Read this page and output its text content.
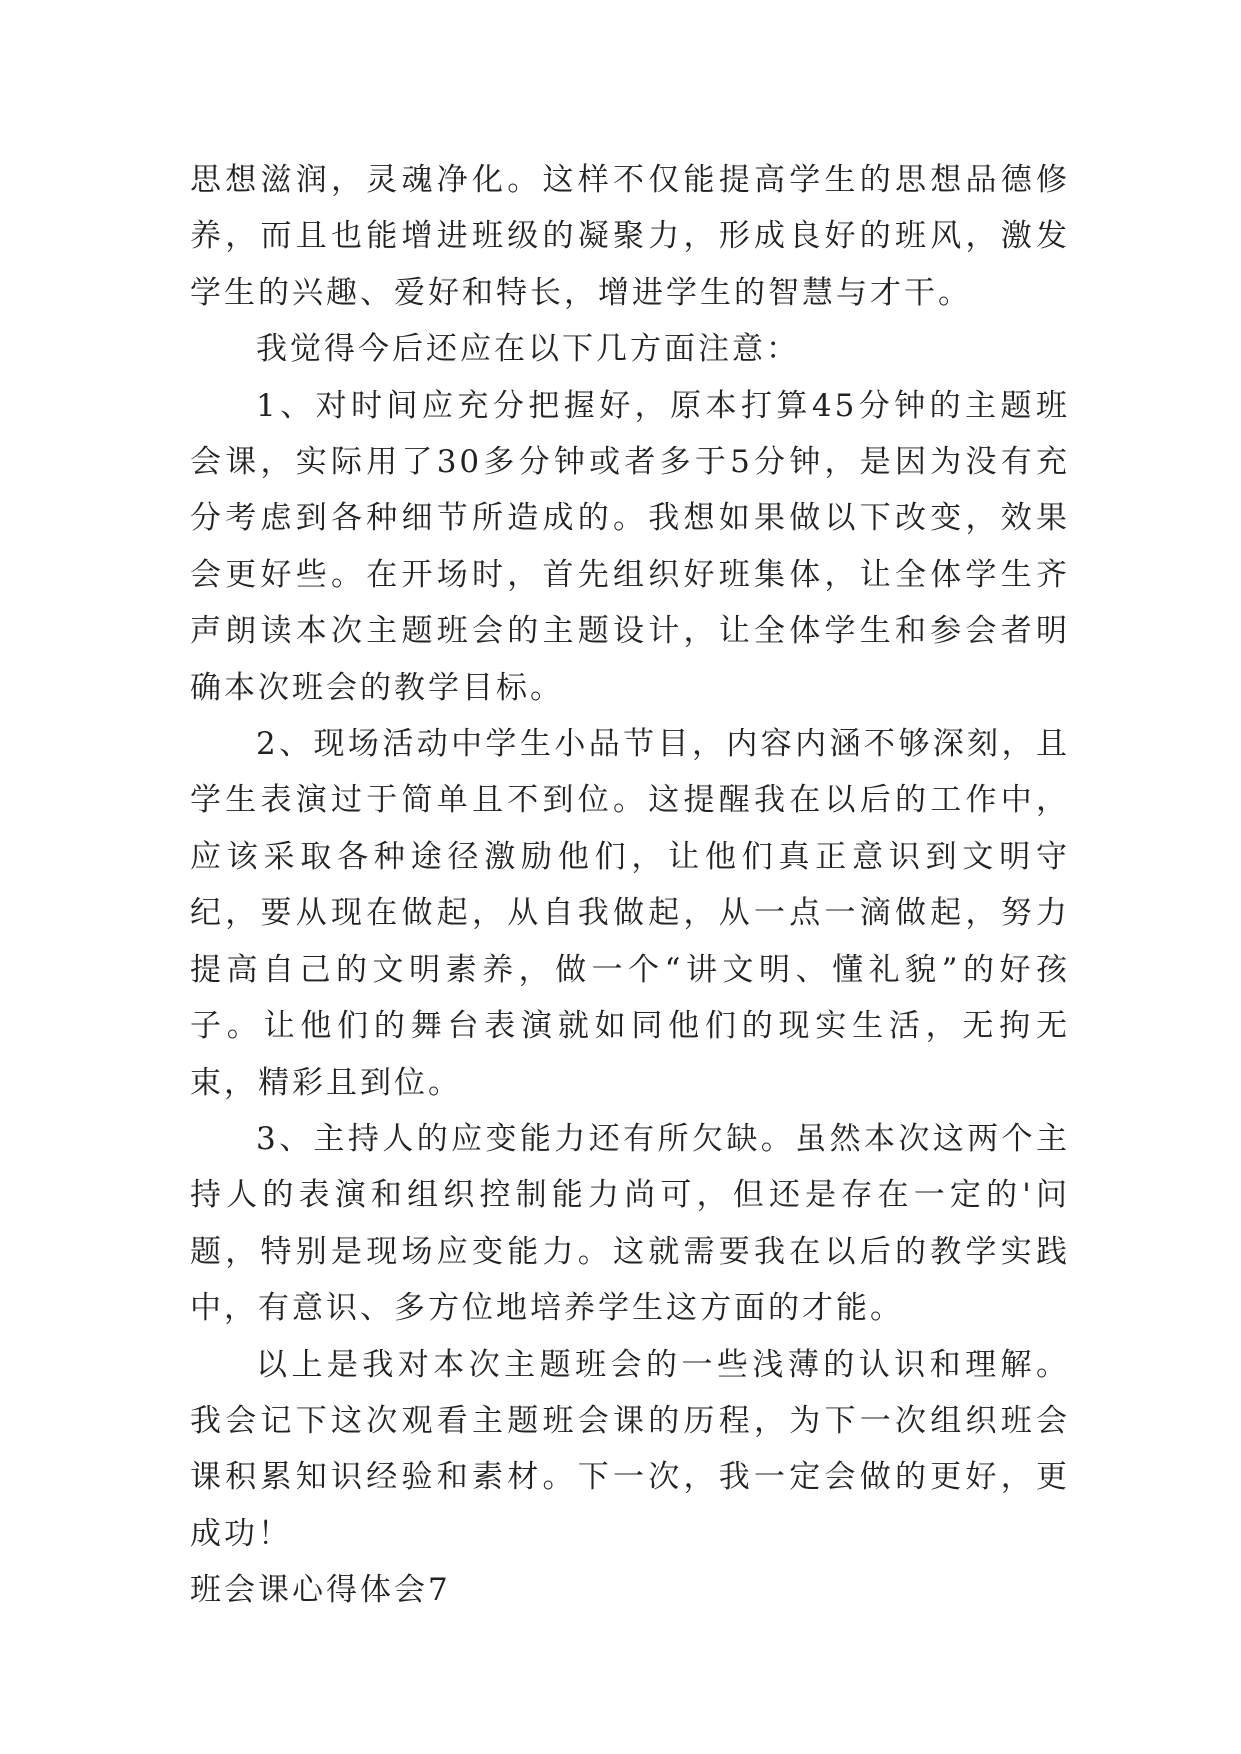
思想滋润，灵魂净化。这样不仅能提高学生的思想品德修养，而且也能增进班级的凝聚力，形成良好的班风，激发学生的兴趣、爱好和特长，增进学生的智慧与才干。

我觉得今后还应在以下几方面注意：

1、对时间应充分把握好，原本打算45分钟的主题班会课，实际用了30多分钟或者多于5分钟，是因为没有充分考虑到各种细节所造成的。我想如果做以下改变，效果会更好些。在开场时，首先组织好班集体，让全体学生齐声朗读本次主题班会的主题设计，让全体学生和参会者明确本次班会的教学目标。

2、现场活动中学生小品节目，内容内涵不够深刻，且学生表演过于简单且不到位。这提醒我在以后的工作中，应该采取各种途径激励他们，让他们真正意识到文明守纪，要从现在做起，从自我做起，从一点一滴做起，努力提高自己的文明素养，做一个“讲文明、懂礼貌”的好孩子。让他们的舞台表演就如同他们的现实生活，无拘无束，精彩且到位。

3、主持人的应变能力还有所欠缺。虽然本次这两个主持人的表演和组织控制能力尚可，但还是存在一定的'问题，特别是现场应变能力。这就需要我在以后的教学实践中，有意识、多方位地培养学生这方面的才能。

以上是我对本次主题班会的一些浅薄的认识和理解。我会记下这次观看主题班会课的历程，为下一次组织班会课积累知识经验和素材。下一次，我一定会做的更好，更成功！

班会课心得体会7
